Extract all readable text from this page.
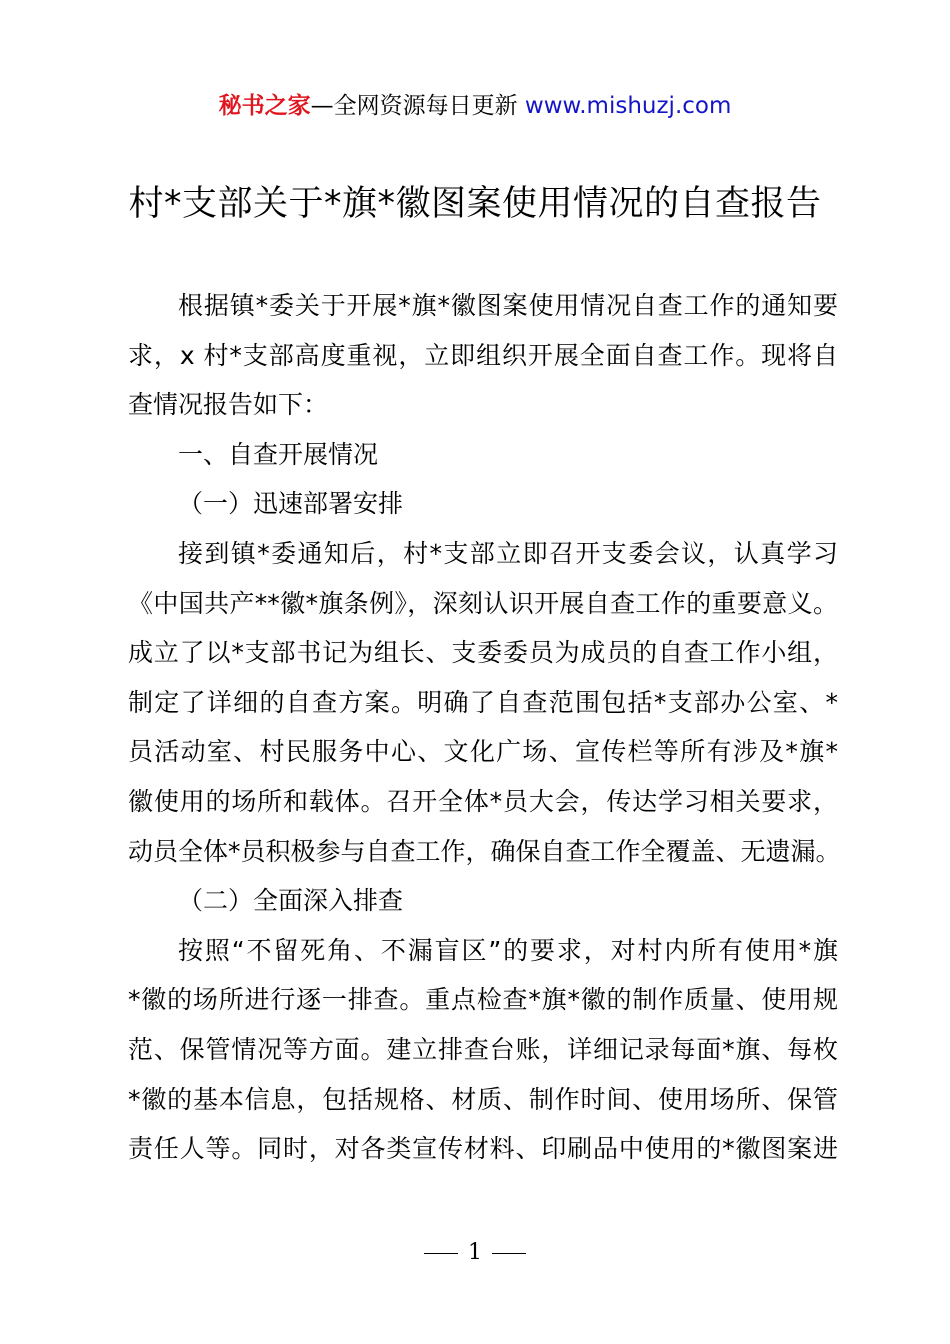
秘书之家—全网资源每日更新 www.mishuzj.com
村*支部关于*旗*徽图案使用情况的自查报告

根据镇*委关于开展*旗*徽图案使用情况自查工作的通知要
求，x 村*支部高度重视，立即组织开展全面自查工作。现将自
查情况报告如下：

一、自查开展情况

（一）迅速部署安排

接到镇*委通知后，村*支部立即召开支委会议，认真学习
《中国共产**徽*旗条例》，深刻认识开展自查工作的重要意义。
成立了以*支部书记为组长、支委委员为成员的自查工作小组，
制定了详细的自查方案。明确了自查范围包括*支部办公室、*
员活动室、村民服务中心、文化广场、宣传栏等所有涉及*旗*
徽使用的场所和载体。召开全体*员大会，传达学习相关要求，
动员全体*员积极参与自查工作，确保自查工作全覆盖、无遗漏。

（二）全面深入排查

按照“不留死角、不漏盲区”的要求，对村内所有使用*旗
*徽的场所进行逐一排查。重点检查*旗*徽的制作质量、使用规
范、保管情况等方面。建立排查台账，详细记录每面*旗、每枚
*徽的基本信息，包括规格、材质、制作时间、使用场所、保管
责任人等。同时，对各类宣传材料、印刷品中使用的*徽图案进

1
